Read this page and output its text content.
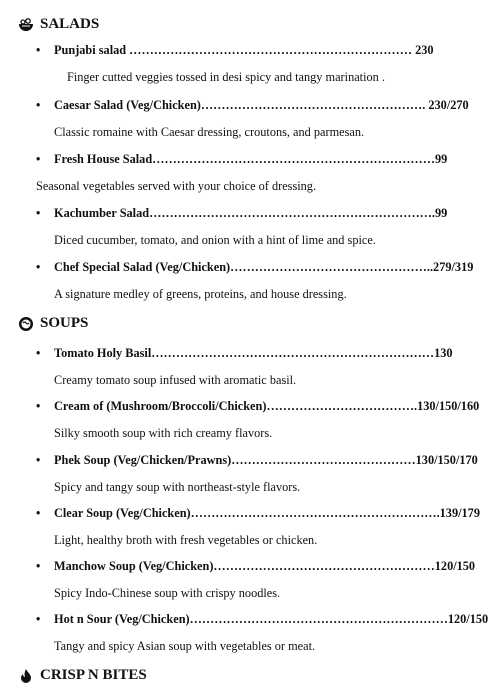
SALADS
• Punjabi salad …………………………………………………………… 230
Finger cutted veggies tossed in desi spicy and tangy marination .
• Caesar Salad (Veg/Chicken)………………………………………………. 230/270
Classic romaine with Caesar dressing, croutons, and parmesan.
• Fresh House Salad……………………………………………………………99
Seasonal vegetables served with your choice of dressing.
• Kachumber Salad…………………………………………………………….99
Diced cucumber, tomato, and onion with a hint of lime and spice.
• Chef Special Salad (Veg/Chicken)…………………………………………..279/319
A signature medley of greens, proteins, and house dressing.
SOUPS
• Tomato Holy Basil……………………………………………………………130
Creamy tomato soup infused with aromatic basil.
• Cream of (Mushroom/Broccoli/Chicken)……………………………….130/150/160
Silky smooth soup with rich creamy flavors.
• Phek Soup (Veg/Chicken/Prawns)………………………………………130/150/170
Spicy and tangy soup with northeast-style flavors.
• Clear Soup (Veg/Chicken)…………………………………………………….139/179
Light, healthy broth with fresh vegetables or chicken.
• Manchow Soup (Veg/Chicken)………………………………………………120/150
Spicy Indo-Chinese soup with crispy noodles.
• Hot n Sour (Veg/Chicken)………………………………………………………120/150
Tangy and spicy Asian soup with vegetables or meat.
CRISP N BITES
